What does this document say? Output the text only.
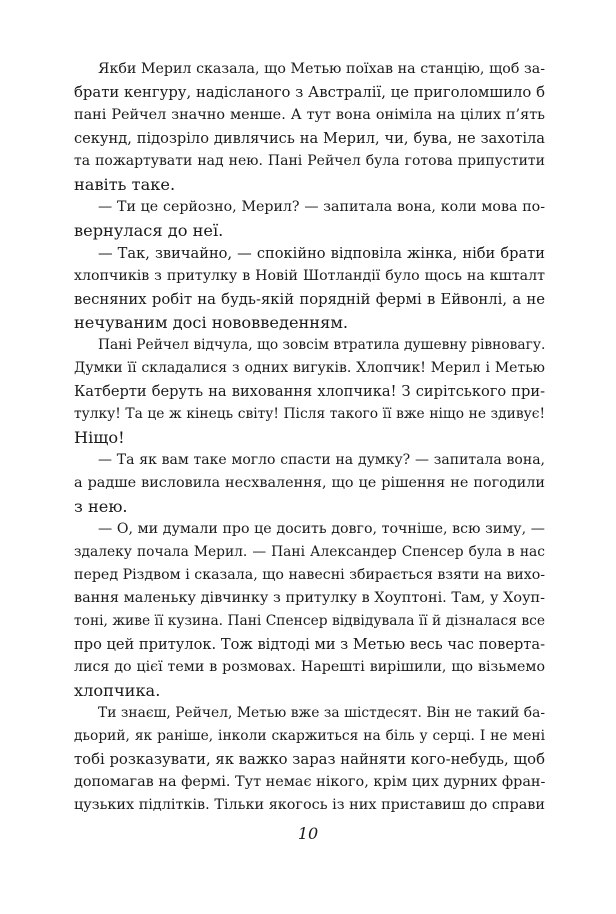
Якби Мерил сказала, що Метью поїхав на станцію, щоб за-
брати кенгуру, надісланого з Австралії, це приголомшило б
пані Рейчел значно менше. А тут вона оніміла на цілих п’ять
секунд, підозріло дивлячись на Мерил, чи, бува, не захотіла
та пожартувати над нею. Пані Рейчел була готова припустити
навіть таке.
— Ти це серйозно, Мерил? — запитала вона, коли мова по-
вернулася до неї.
— Так, звичайно, — спокійно відповіла жінка, ніби брати
хлопчиків з притулку в Новій Шотландії було щось на кшталт
весняних робіт на будь-якій порядній фермі в Ейвонлі, а не
нечуваним досі нововведенням.
Пані Рейчел відчула, що зовсім втратила душевну рівновагу.
Думки її складалися з одних вигуків. Хлопчик! Мерил і Метью
Катберти беруть на виховання хлопчика! З сирітського при-
тулку! Та це ж кінець світу! Після такого її вже ніщо не здивує!
Ніщо!
— Та як вам таке могло спасти на думку? — запитала вона,
а радше висловила несхвалення, що це рішення не погодили
з нею.
— О, ми думали про це досить довго, точніше, всю зиму, —
здалеку почала Мерил. — Пані Александер Спенсер була в нас
перед Різдвом і сказала, що навесні збирається взяти на вихо-
вання маленьку дівчинку з притулку в Хоуптоні. Там, у Хоуп-
тоні, живе її кузина. Пані Спенсер відвідувала її й дізналася все
про цей притулок. Тож відтоді ми з Метью весь час поверта-
лися до цієї теми в розмовах. Нарешті вирішили, що візьмемо
хлопчика.
Ти знаєш, Рейчел, Метью вже за шістдесят. Він не такий ба-
дьорий, як раніше, інколи скаржиться на біль у серці. І не мені
тобі розказувати, як важко зараз найняти кого-небудь, щоб
допомагав на фермі. Тут немає нікого, крім цих дурних фран-
цузьких підлітків. Тільки якогось із них приставиш до справи
10
